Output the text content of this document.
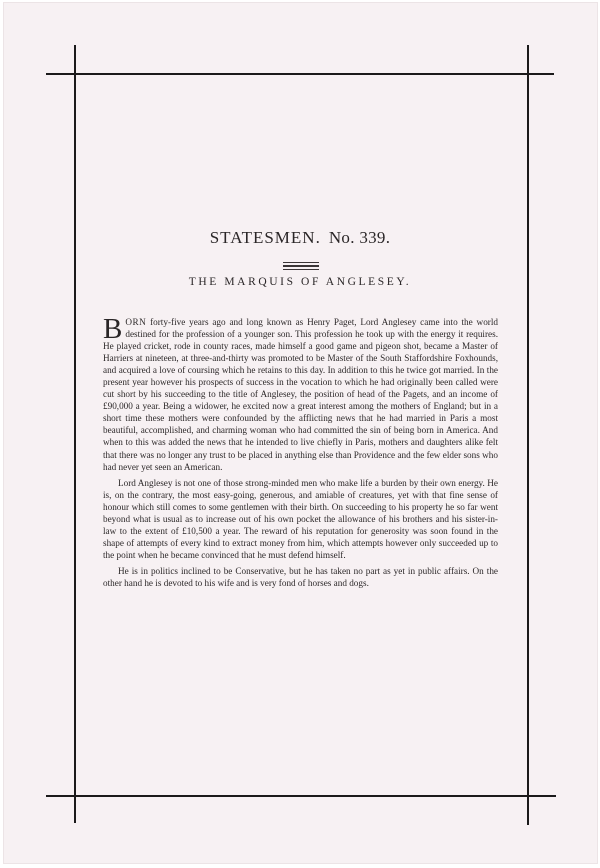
STATESMEN. No. 339.
THE MARQUIS OF ANGLESEY.

BORN forty-five years ago and long known as Henry Paget, Lord Anglesey came into the world destined for the profession of a younger son. This profession he took up with the energy it requires. He played cricket, rode in county races, made himself a good game and pigeon shot, became a Master of Harriers at nineteen, at three-and-thirty was promoted to be Master of the South Staffordshire Foxhounds, and acquired a love of coursing which he retains to this day. In addition to this he twice got married. In the present year however his prospects of success in the vocation to which he had originally been called were cut short by his succeeding to the title of Anglesey, the position of head of the Pagets, and an income of £90,000 a year. Being a widower, he excited now a great interest among the mothers of England; but in a short time these mothers were confounded by the afflicting news that he had married in Paris a most beautiful, accomplished, and charming woman who had committed the sin of being born in America. And when to this was added the news that he intended to live chiefly in Paris, mothers and daughters alike felt that there was no longer any trust to be placed in anything else than Providence and the few elder sons who had never yet seen an American.

Lord Anglesey is not one of those strong-minded men who make life a burden by their own energy. He is, on the contrary, the most easy-going, generous, and amiable of creatures, yet with that fine sense of honour which still comes to some gentlemen with their birth. On succeeding to his property he so far went beyond what is usual as to increase out of his own pocket the allowance of his brothers and his sister-in-law to the extent of £10,500 a year. The reward of his reputation for generosity was soon found in the shape of attempts of every kind to extract money from him, which attempts however only succeeded up to the point when he became convinced that he must defend himself.

He is in politics inclined to be Conservative, but he has taken no part as yet in public affairs. On the other hand he is devoted to his wife and is very fond of horses and dogs.
